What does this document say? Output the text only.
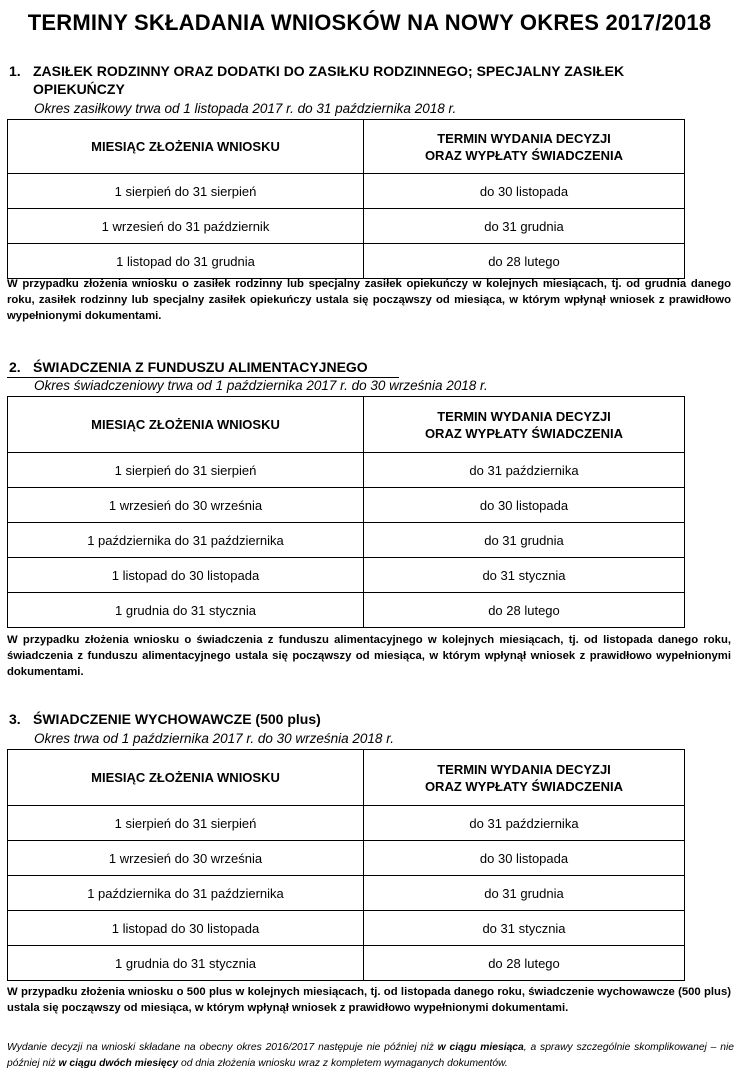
TERMINY SKŁADANIA WNIOSKÓW NA NOWY OKRES 2017/2018
1. ZASIŁEK RODZINNY ORAZ DODATKI DO ZASIŁKU RODZINNEGO; SPECJALNY ZASIŁEK
OPIEKUŃCZY
Okres zasiłkowy trwa od 1 listopada 2017 r. do 31 października 2018 r.
MIESIĄC ZŁOŻENIA WNIOSKU	TERMIN WYDANIA DECYZJI
ORAZ WYPŁATY ŚWIADCZENIA
1 sierpień do 31 sierpień	do 30 listopada
1 wrzesień do 31 październik	do 31 grudnia
1 listopad do 31 grudnia	do 28 lutego
W przypadku złożenia wniosku o zasiłek rodzinny lub specjalny zasiłek opiekuńczy w kolejnych miesiącach, tj. od grudnia danego roku, zasiłek rodzinny lub specjalny zasiłek opiekuńczy ustala się począwszy od miesiąca, w którym wpłynął wniosek z prawidłowo wypełnionymi dokumentami.
2. ŚWIADCZENIA Z FUNDUSZU ALIMENTACYJNEGO
Okres świadczeniowy trwa od 1 października 2017 r. do 30 września 2018 r.
MIESIĄC ZŁOŻENIA WNIOSKU	TERMIN WYDANIA DECYZJI
ORAZ WYPŁATY ŚWIADCZENIA
1 sierpień do 31 sierpień	do 31 października
1 wrzesień do 30 września	do 30 listopada
1 października do 31 października	do 31 grudnia
1 listopad do 30 listopada	do 31 stycznia
1 grudnia do 31 stycznia	do 28 lutego
W przypadku złożenia wniosku o świadczenia z funduszu alimentacyjnego w kolejnych miesiącach, tj. od listopada danego roku, świadczenia z funduszu alimentacyjnego ustala się począwszy od miesiąca, w którym wpłynął wniosek z prawidłowo wypełnionymi dokumentami.
3. ŚWIADCZENIE WYCHOWAWCZE (500 plus)
Okres trwa od 1 października 2017 r. do 30 września 2018 r.
MIESIĄC ZŁOŻENIA WNIOSKU	TERMIN WYDANIA DECYZJI
ORAZ WYPŁATY ŚWIADCZENIA
1 sierpień do 31 sierpień	do 31 października
1 wrzesień do 30 września	do 30 listopada
1 października do 31 października	do 31 grudnia
1 listopad do 30 listopada	do 31 stycznia
1 grudnia do 31 stycznia	do 28 lutego
W przypadku złożenia wniosku o 500 plus w kolejnych miesiącach, tj. od listopada danego roku, świadczenie wychowawcze (500 plus) ustala się począwszy od miesiąca, w którym wpłynął wniosek z prawidłowo wypełnionymi dokumentami.
Wydanie decyzji na wnioski składane na obecny okres 2016/2017 następuje nie później niż w ciągu miesiąca, a sprawy szczególnie skomplikowanej – nie później niż w ciągu dwóch miesięcy od dnia złożenia wniosku wraz z kompletem wymaganych dokumentów.
